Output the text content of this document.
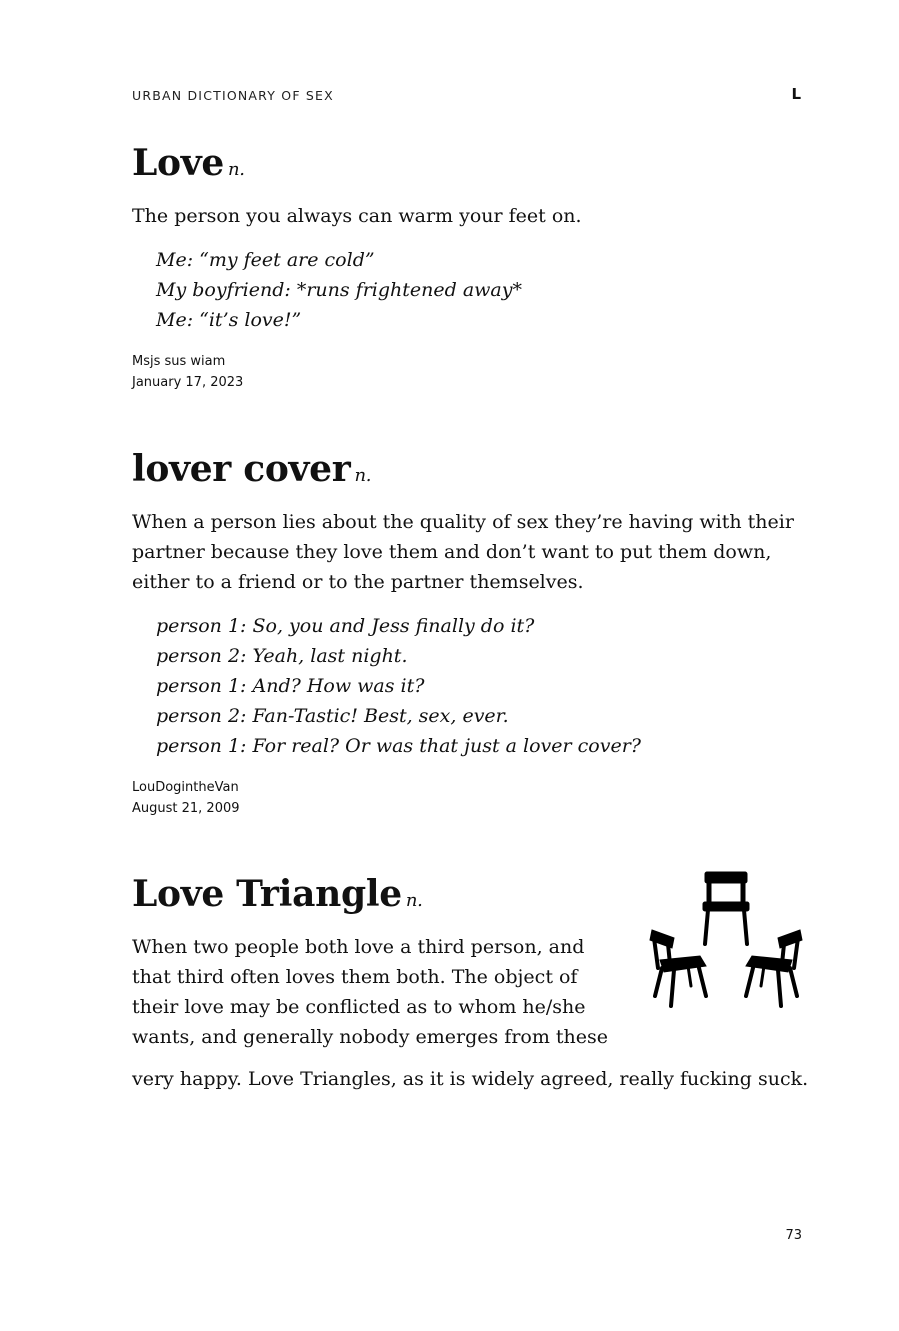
URBAN DICTIONARY OF SEX	L
Love n.

The person you always can warm your feet on.

Me: “my feet are cold”
My boyfriend: *runs frightened away*
Me: “it’s love!”
Msjs sus wiam
January 17, 2023
lover cover n.

When a person lies about the quality of sex they’re having with their partner because they love them and don’t want to put them down, either to a friend or to the partner themselves.

person 1: So, you and Jess finally do it?
person 2: Yeah, last night.
person 1: And? How was it?
person 2: Fan-Tastic! Best, sex, ever.
person 1: For real? Or was that just a lover cover?
LouDogintheVan
August 21, 2009
Love Triangle n.

When two people both love a third person, and that third often loves them both. The object of their love may be conflicted as to whom he/she wants, and generally nobody emerges from these

very happy. Love Triangles, as it is widely agreed, really fucking suck.

73
